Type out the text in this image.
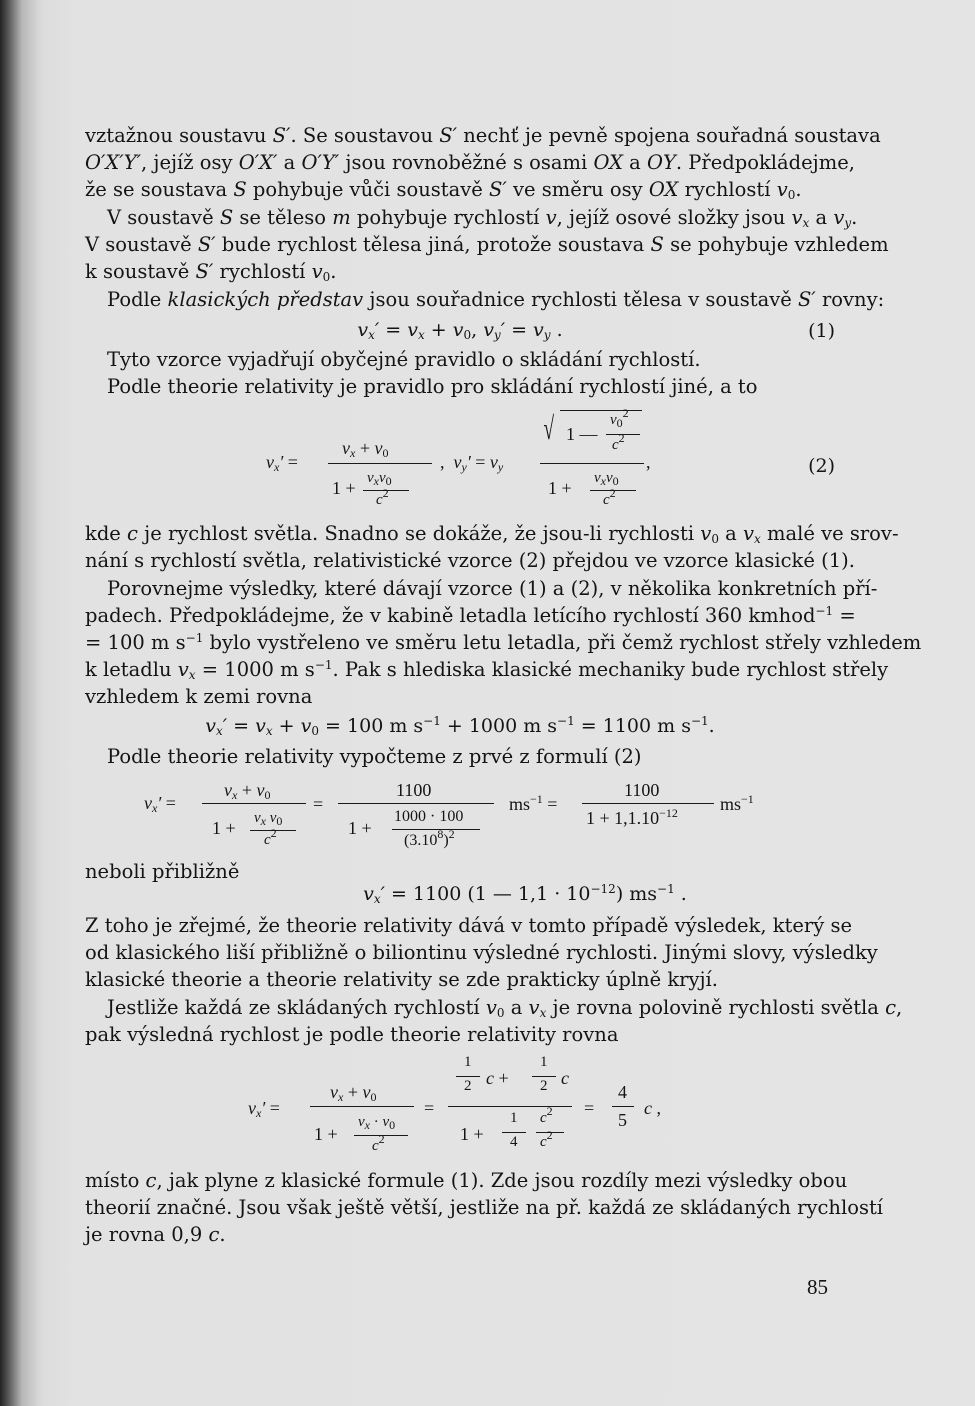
vztažnou soustavu S′. Se soustavou S′ nechť je pevně spojena souřadná soustava
O′X′Y′, jejíž osy O′X′ a O′Y′ jsou rovnoběžné s osami OX a OY. Předpokládejme,
že se soustava S pohybuje vůči soustavě S′ ve směru osy OX rychlostí $v_0$.
V soustavě S se těleso m pohybuje rychlostí v, jejíž osové složky jsou $v_x$ a $v_y$.
V soustavě S′ bude rychlost tělesa jiná, protože soustava S se pohybuje vzhledem
k soustavě S′ rychlostí $v_0$.
Podle klasických představ jsou souřadnice rychlosti tělesa v soustavě S′ rovny:
$v_x' = v_x + v_0$, $v_y' = v_y$ .	(1)
Tyto vzorce vyjadřují obyčejné pravidlo o skládání rychlostí.
Podle theorie relativity je pravidlo pro skládání rychlostí jiné, a to
$v_x'$ =
$v_x + v_0$
$1 + v_xv_0$
$c^2$
,  $v_y' = v_y$
√ 1 —
$v_0^2$
$c^2$
$1 + v_xv_0$
$c^2$
,	(2)
kde c je rychlost světla. Snadno se dokáže, že jsou-li rychlosti $v_0$ a $v_x$ malé ve srov-
nání s rychlostí světla, relativistické vzorce (2) přejdou ve vzorce klasické (1).
Porovnejme výsledky, které dávají vzorce (1) a (2), v několika konkretních pří-
padech. Předpokládejme, že v kabině letadla letícího rychlostí 360 kmhod$^{-1}$ =
= 100 m $s^{-1}$ bylo vystřeleno ve směru letu letadla, při čemž rychlost střely vzhledem
k letadlu $v_x = 1000$ m $s^{-1}$. Pak s hlediska klasické mechaniky bude rychlost střely
vzhledem k zemi rovna
$v_x' = v_x + v_0 = 100$ m $s^{-1} + 1000$ m $s^{-1} = 1100$ m $s^{-1}$.
Podle theorie relativity vypočteme z prvé z formulí (2)
$v_x'$ =
$v_x + v_0$
$1 + v_x$ $v_0$
$c^2$
=
1100
1 +
1000 · 100
$(3.10^8)^2$
$ms^{-1}$ =
1100
$1 + 1,1.10^{-12}$ $ms^{-1}$
neboli přibližně
$v_x' = 1100$ (1 — $1,1 \cdot 10^{-12}$) $ms^{-1}$ .
Z toho je zřejmé, že theorie relativity dává v tomto případě výsledek, který se
od klasického liší přibližně o biliontinu výsledné rychlosti. Jinými slovy, výsledky
klasické theorie a theorie relativity se zde prakticky úplně kryjí.
Jestliže každá ze skládaných rychlostí $v_0$ a $v_x$ je rovna polovině rychlosti světla c,
pak výsledná rychlost je podle theorie relativity rovna
$v_x'$ =
$v_x + v_0$
1 +
$v_x \cdot v_0$
$c^2$
=
1
2 c +
1
2 c
1 +
1
4
$c^2$
$c^2$
=
4
5
c ,
místo c, jak plyne z klasické formule (1). Zde jsou rozdíly mezi výsledky obou
theorií značné. Jsou však ještě větší, jestliže na př. každá ze skládaných rychlostí
je rovna 0,9 c.
85
